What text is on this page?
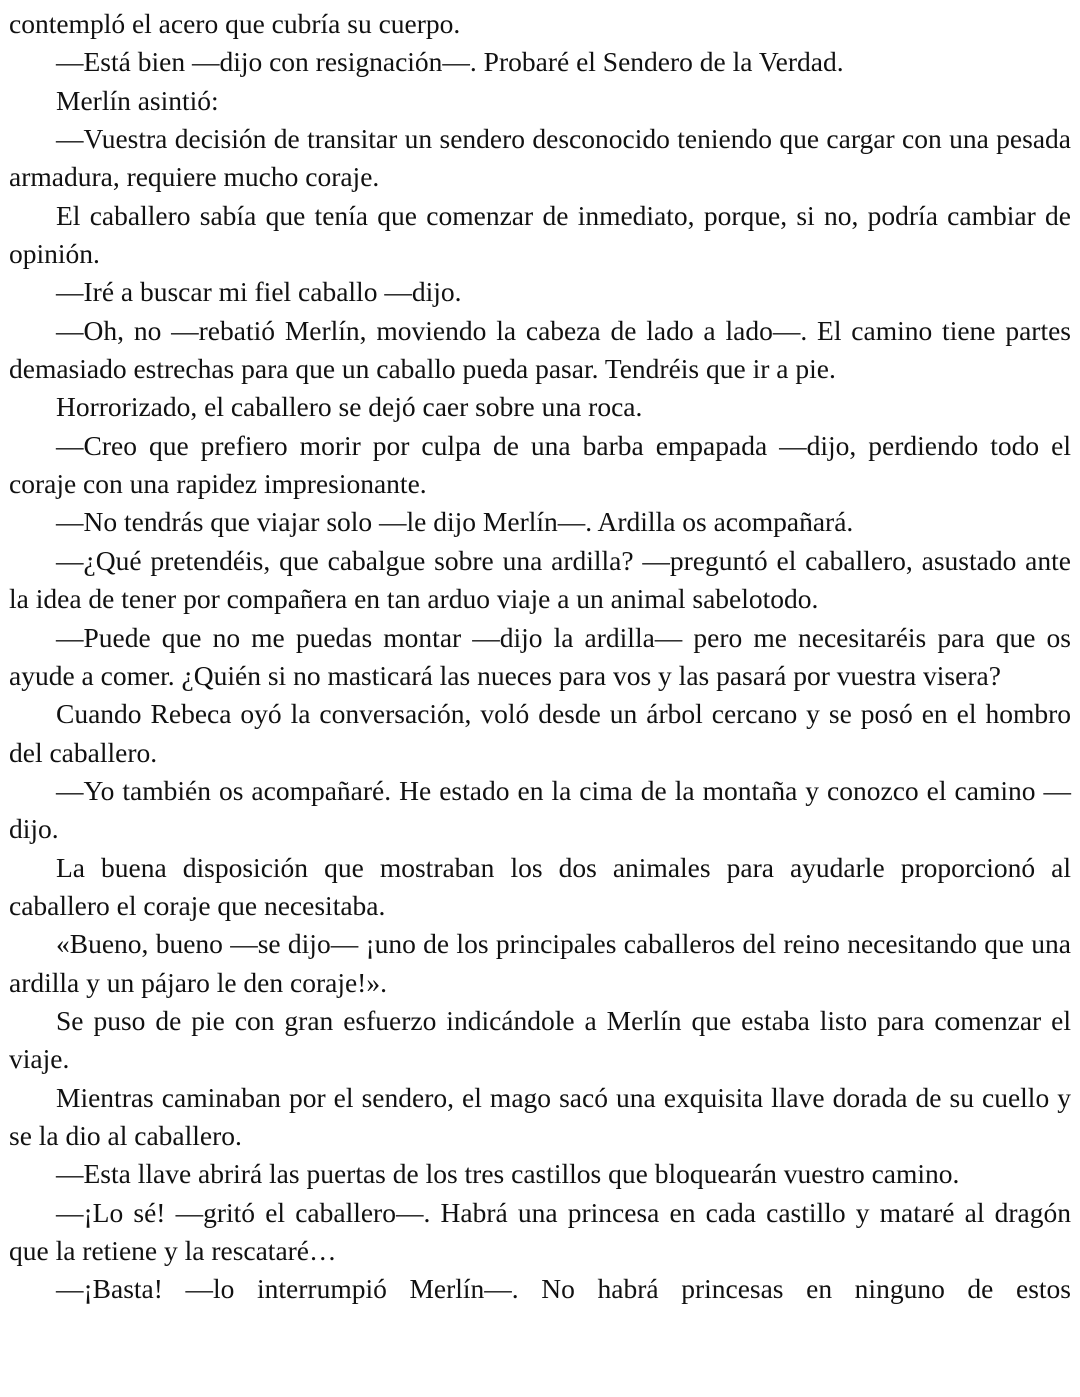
contempló el acero que cubría su cuerpo.

—Está bien —dijo con resignación—. Probaré el Sendero de la Verdad.

Merlín asintió:

—Vuestra decisión de transitar un sendero desconocido teniendo que cargar con una pesada armadura, requiere mucho coraje.

El caballero sabía que tenía que comenzar de inmediato, porque, si no, podría cambiar de opinión.

—Iré a buscar mi fiel caballo —dijo.

—Oh, no —rebatió Merlín, moviendo la cabeza de lado a lado—. El camino tiene partes demasiado estrechas para que un caballo pueda pasar. Tendréis que ir a pie.

Horrorizado, el caballero se dejó caer sobre una roca.

—Creo que prefiero morir por culpa de una barba empapada —dijo, perdiendo todo el coraje con una rapidez impresionante.

—No tendrás que viajar solo —le dijo Merlín—. Ardilla os acompañará.

—¿Qué pretendéis, que cabalgue sobre una ardilla? —preguntó el caballero, asustado ante la idea de tener por compañera en tan arduo viaje a un animal sabelotodo.

—Puede que no me puedas montar —dijo la ardilla— pero me necesitaréis para que os ayude a comer. ¿Quién si no masticará las nueces para vos y las pasará por vuestra visera?

Cuando Rebeca oyó la conversación, voló desde un árbol cercano y se posó en el hombro del caballero.

—Yo también os acompañaré. He estado en la cima de la montaña y conozco el camino —dijo.

La buena disposición que mostraban los dos animales para ayudarle proporcionó al caballero el coraje que necesitaba.

«Bueno, bueno —se dijo— ¡uno de los principales caballeros del reino necesitando que una ardilla y un pájaro le den coraje!».

Se puso de pie con gran esfuerzo indicándole a Merlín que estaba listo para comenzar el viaje.

Mientras caminaban por el sendero, el mago sacó una exquisita llave dorada de su cuello y se la dio al caballero.

—Esta llave abrirá las puertas de los tres castillos que bloquearán vuestro camino.

—¡Lo sé! —gritó el caballero—. Habrá una princesa en cada castillo y mataré al dragón que la retiene y la rescataré…

—¡Basta! —lo interrumpió Merlín—. No habrá princesas en ninguno de estos
